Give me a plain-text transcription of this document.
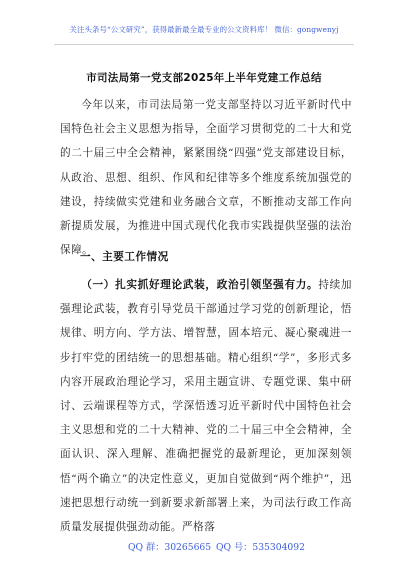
关注头条号“公文研究”，获得最新最全最专业的公文资料库！ 微信：gongwenyj
市司法局第一党支部2025年上半年党建工作总结
今年以来，市司法局第一党支部坚持以习近平新时代中国特色社会主义思想为指导，全面学习贯彻党的二十大和党的二十届三中全会精神，紧紧围绕“四强”党支部建设目标，从政治、思想、组织、作风和纪律等多个维度系统加强党的建设，持续做实党建和业务融合文章，不断推动支部工作向新提质发展，为推进中国式现代化我市实践提供坚强的法治保障。
一、主要工作情况
（一）扎实抓好理论武装，政治引领坚强有力。持续加强理论武装，教育引导党员干部通过学习党的创新理论，悟规律、明方向、学方法、增智慧，固本培元、凝心聚魂进一步打牢党的团结统一的思想基础。精心组织“学”，多形式多内容开展政治理论学习，采用主题宣讲、专题党课、集中研讨、云端课程等方式，学深悟透习近平新时代中国特色社会主义思想和党的二十大精神、党的二十届三中全会精神，全面认识、深入理解、准确把握党的最新理论，更加深刻领悟“两个确立”的决定性意义，更加自觉做到“两个维护”，迅速把思想行动统一到新要求新部署上来，为司法行政工作高质量发展提供强劲动能。严格落
QQ 群：30265665 QQ 号：535304092
